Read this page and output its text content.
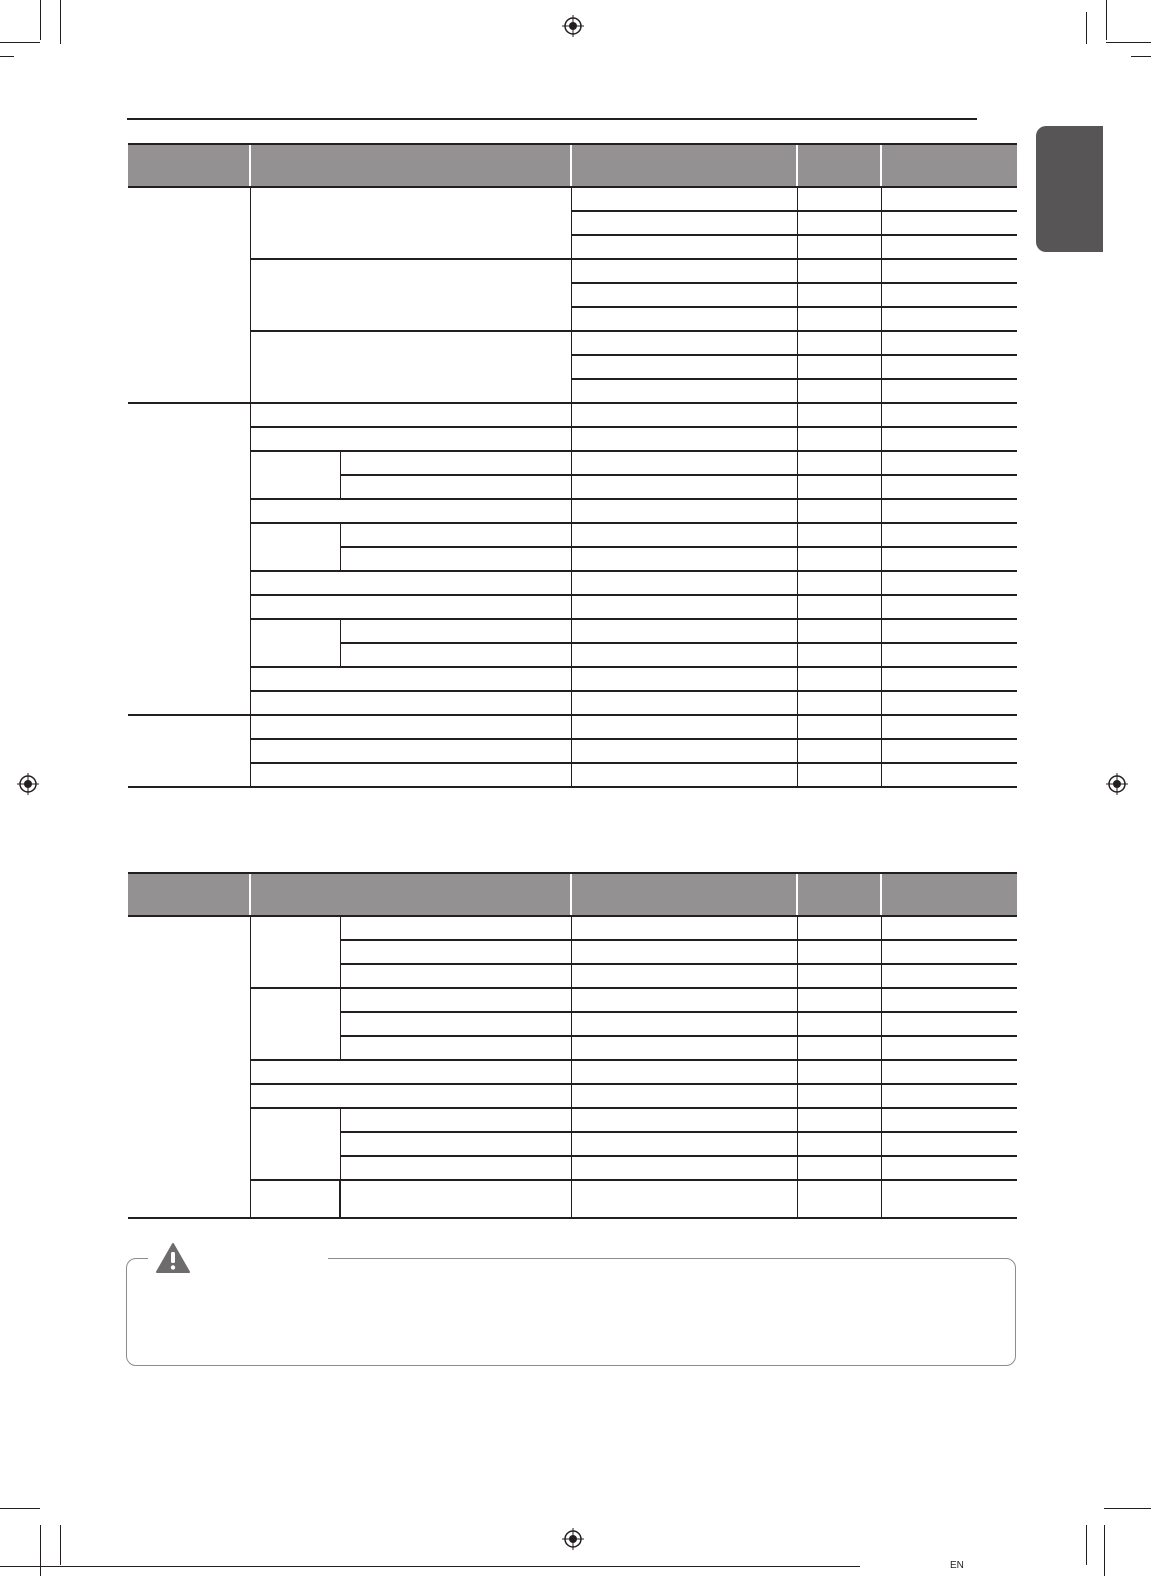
EN
